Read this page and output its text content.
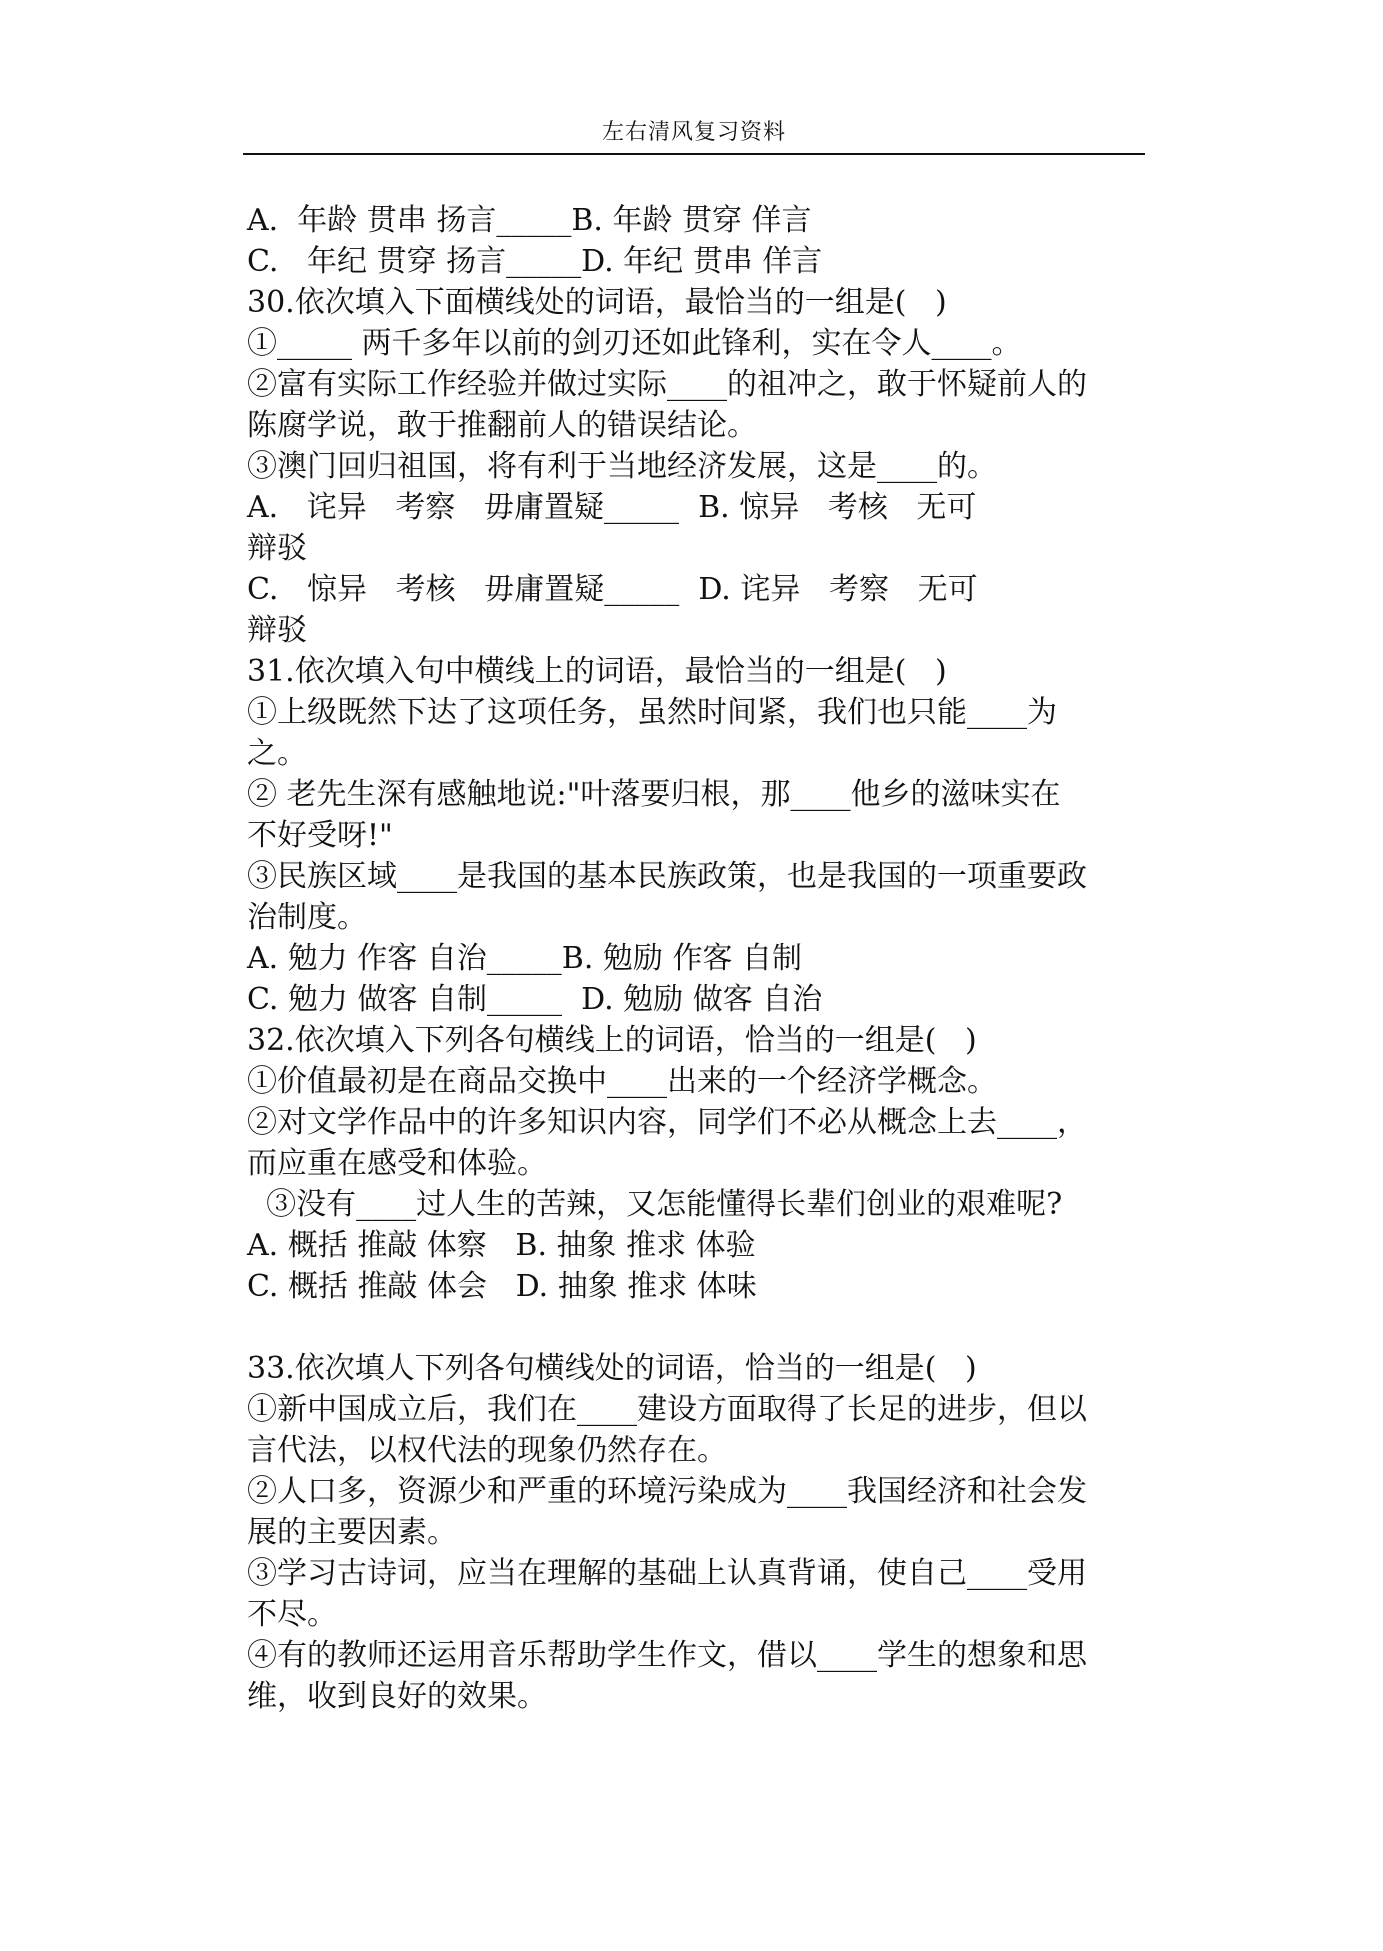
左右清风复习资料
A.  年龄 贯串 扬言_____B. 年龄 贯穿 佯言
C.   年纪 贯穿 扬言_____D. 年纪 贯串 佯言
30.依次填入下面横线处的词语，最恰当的一组是(   )
①_____ 两千多年以前的剑刃还如此锋利，实在令人____。
②富有实际工作经验并做过实际____的祖冲之，敢于怀疑前人的
陈腐学说，敢于推翻前人的错误结论。
③澳门回归祖国，将有利于当地经济发展，这是____的。
A.   诧异   考察   毋庸置疑_____  B. 惊异   考核   无可
辩驳
C.   惊异   考核   毋庸置疑_____  D. 诧异   考察   无可
辩驳
31.依次填入句中横线上的词语，最恰当的一组是(   )
①上级既然下达了这项任务，虽然时间紧，我们也只能____为
之。
② 老先生深有感触地说:"叶落要归根，那____他乡的滋味实在
不好受呀!"
③民族区域____是我国的基本民族政策，也是我国的一项重要政
治制度。
A. 勉力 作客 自治_____B. 勉励 作客 自制
C. 勉力 做客 自制_____  D. 勉励 做客 自治
32.依次填入下列各句横线上的词语，恰当的一组是(   )
①价值最初是在商品交换中____出来的一个经济学概念。
②对文学作品中的许多知识内容，同学们不必从概念上去____，
而应重在感受和体验。
③没有____过人生的苦辣，又怎能懂得长辈们创业的艰难呢?
A. 概括 推敲 体察   B. 抽象 推求 体验
C. 概括 推敲 体会   D. 抽象 推求 体味
33.依次填人下列各句横线处的词语，恰当的一组是(   )
①新中国成立后，我们在____建设方面取得了长足的进步，但以
言代法，以权代法的现象仍然存在。
②人口多，资源少和严重的环境污染成为____我国经济和社会发
展的主要因素。
③学习古诗词，应当在理解的基础上认真背诵，使自己____受用
不尽。
④有的教师还运用音乐帮助学生作文，借以____学生的想象和思
维，收到良好的效果。
